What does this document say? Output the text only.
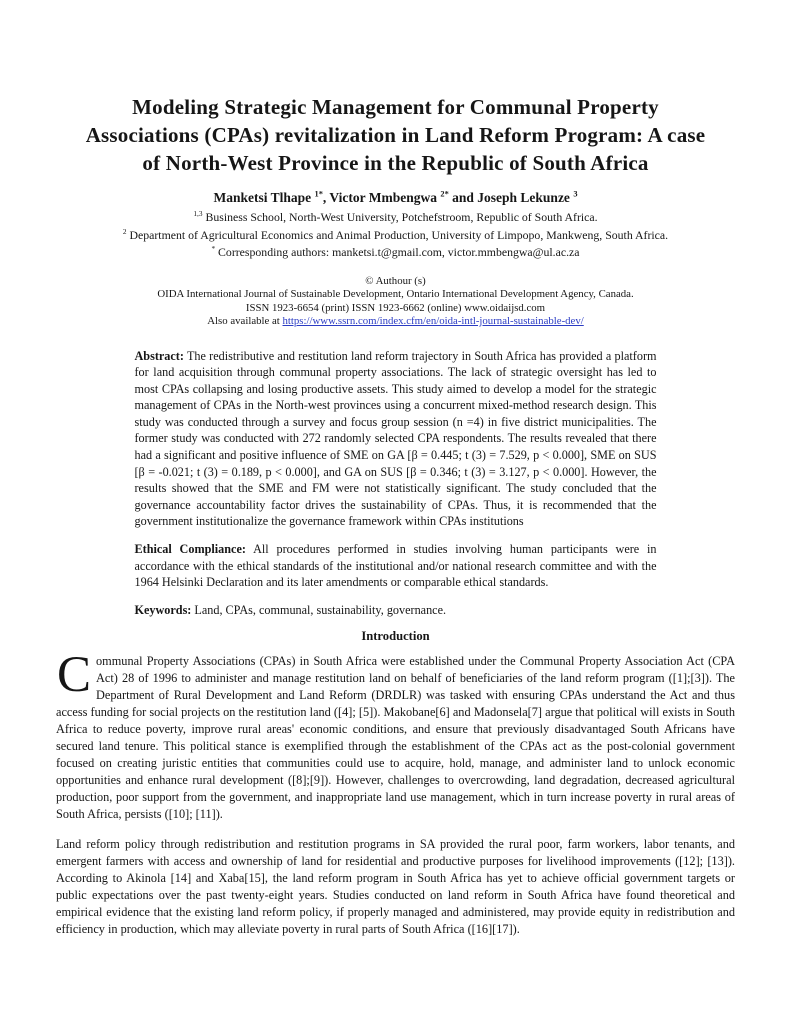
Modeling Strategic Management for Communal Property Associations (CPAs) revitalization in Land Reform Program: A case of North-West Province in the Republic of South Africa

Manketsi Tlhape $^{1*}$, Victor Mmbengwa $^{2*}$ and Joseph Lekunze $^3$

$^{1,3}$ Business School, North-West University, Potchefstroom, Republic of South Africa.
$^2$ Department of Agricultural Economics and Animal Production, University of Limpopo, Mankweng, South Africa.
* Corresponding authors: manketsi.t@gmail.com, victor.mmbengwa@ul.ac.za
© Authour (s)
OIDA International Journal of Sustainable Development, Ontario International Development Agency, Canada.
ISSN 1923-6654 (print) ISSN 1923-6662 (online) www.oidaijsd.com
Also available at https://www.ssrn.com/index.cfm/en/oida-intl-journal-sustainable-dev/

Abstract: The redistributive and restitution land reform trajectory in South Africa has provided a platform for land acquisition through communal property associations. The lack of strategic oversight has led to most CPAs collapsing and losing productive assets. This study aimed to develop a model for the strategic management of CPAs in the North-west provinces using a concurrent mixed-method research design. This study was conducted through a survey and focus group session (n =4) in five district municipalities. The former study was conducted with 272 randomly selected CPA respondents. The results revealed that there had a significant and positive influence of SME on GA [β = 0.445; t (3) = 7.529, p < 0.000], SME on SUS [β = -0.021; t (3) = 0.189, p < 0.000], and GA on SUS [β = 0.346; t (3) = 3.127, p < 0.000]. However, the results showed that the SME and FM were not statistically significant. The study concluded that the governance accountability factor drives the sustainability of CPAs. Thus, it is recommended that the government institutionalize the governance framework within CPAs institutions

Ethical Compliance: All procedures performed in studies involving human participants were in accordance with the ethical standards of the institutional and/or national research committee and with the 1964 Helsinki Declaration and its later amendments or comparable ethical standards.

Keywords: Land, CPAs, communal, sustainability, governance.

Introduction

Communal Property Associations (CPAs) in South Africa were established under the Communal Property Association Act (CPA Act) 28 of 1996 to administer and manage restitution land on behalf of beneficiaries of the land reform program ([1];[3]). The Department of Rural Development and Land Reform (DRDLR) was tasked with ensuring CPAs understand the Act and thus access funding for social projects on the restitution land ([4]; [5]). Makobane[6] and Madonsela[7] argue that political will exists in South Africa to reduce poverty, improve rural areas' economic conditions, and ensure that previously disadvantaged South Africans have secured land tenure. This political stance is exemplified through the establishment of the CPAs act as the post-colonial government focused on creating juristic entities that communities could use to acquire, hold, manage, and administer land to unlock economic opportunities and enhance rural development ([8];[9]). However, challenges to overcrowding, land degradation, decreased agricultural production, poor support from the government, and inappropriate land use management, which in turn increase poverty in rural areas of South Africa, persists ([10]; [11]).

Land reform policy through redistribution and restitution programs in SA provided the rural poor, farm workers, labor tenants, and emergent farmers with access and ownership of land for residential and productive purposes for livelihood improvements ([12]; [13]). According to Akinola [14] and Xaba[15], the land reform program in South Africa has yet to achieve official government targets or public expectations over the past twenty-eight years. Studies conducted on land reform in South Africa have found theoretical and empirical evidence that the existing land reform policy, if properly managed and administered, may provide equity in redistribution and efficiency in production, which may alleviate poverty in rural parts of South Africa ([16][17]).
